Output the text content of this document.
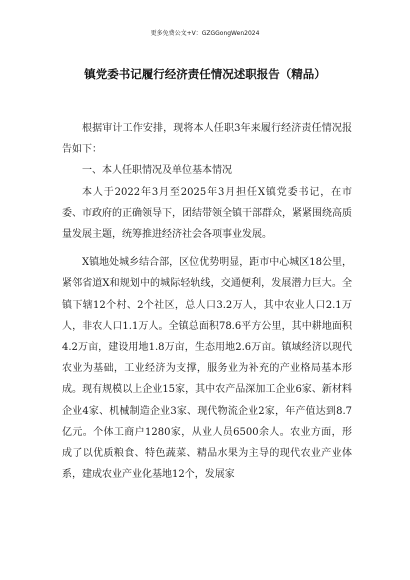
更多免费公文+V：GZGGongWen2024
镇党委书记履行经济责任情况述职报告（精品）

根据审计工作安排，现将本人任职3年来履行经济责任情况报告如下：

一、本人任职情况及单位基本情况

本人于2022年3月至2025年3月担任X镇党委书记，在市委、市政府的正确领导下，团结带领全镇干部群众，紧紧围绕高质量发展主题，统筹推进经济社会各项事业发展。

X镇地处城乡结合部，区位优势明显，距市中心城区18公里，紧邻省道X和规划中的城际轻轨线，交通便利，发展潜力巨大。全镇下辖12个村、2个社区，总人口3.2万人，其中农业人口2.1万人，非农人口1.1万人。全镇总面积78.6平方公里，其中耕地面积4.2万亩，建设用地1.8万亩，生态用地2.6万亩。镇域经济以现代农业为基础，工业经济为支撑，服务业为补充的产业格局基本形成。现有规模以上企业15家，其中农产品深加工企业6家、新材料企业4家、机械制造企业3家、现代物流企业2家，年产值达到8.7亿元。个体工商户1280家，从业人员6500余人。农业方面，形成了以优质粮食、特色蔬菜、精品水果为主导的现代农业产业体系，建成农业产业化基地12个，发展家
